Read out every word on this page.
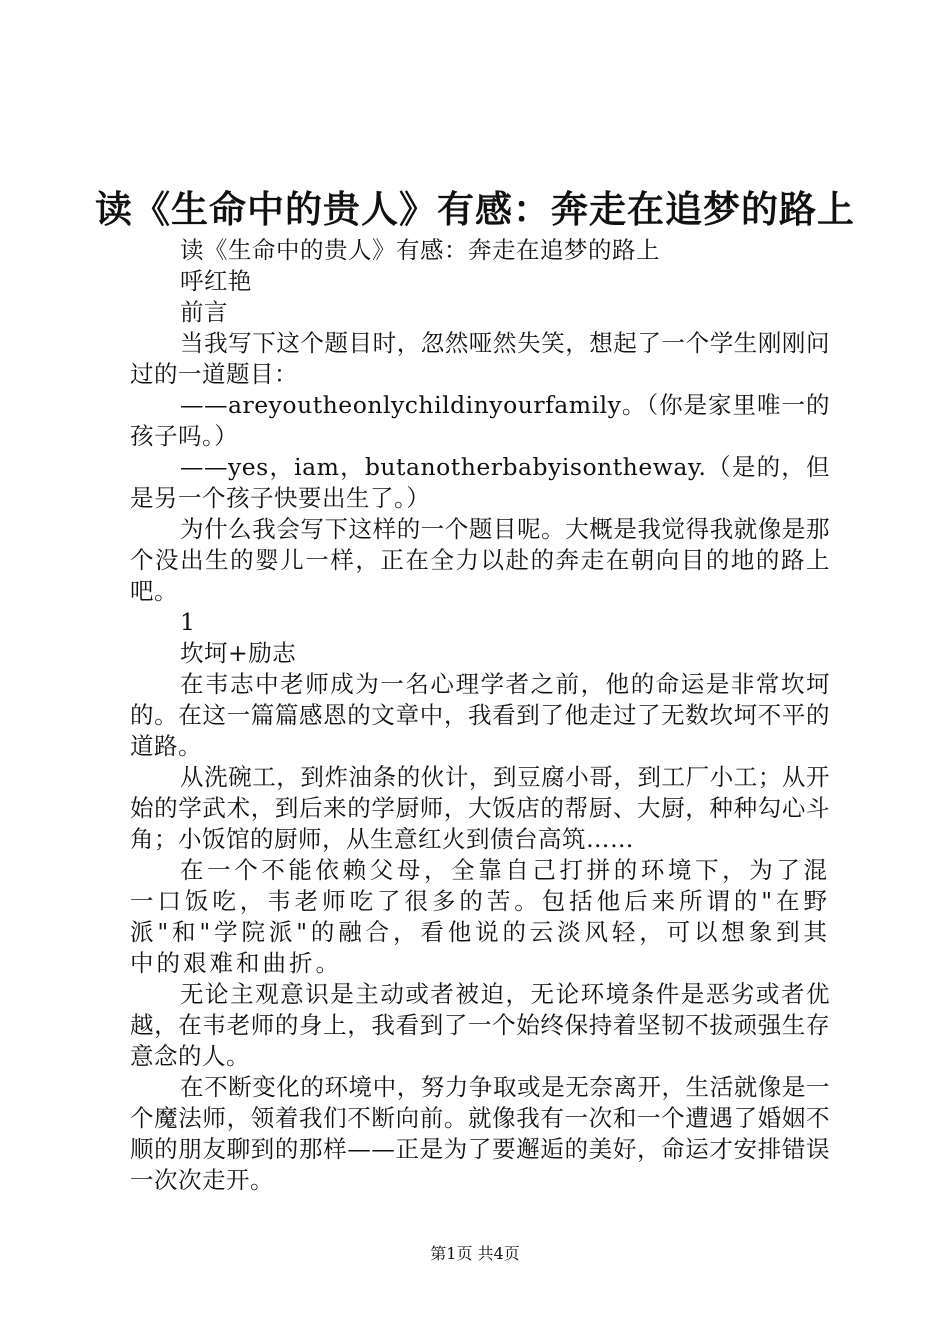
读《生命中的贵人》有感：奔走在追梦的路上

读《生命中的贵人》有感：奔走在追梦的路上

呼红艳

前言

当我写下这个题目时，忽然哑然失笑，想起了一个学生刚刚问过的一道题目：

——areyoutheonlychildinyourfamily。（你是家里唯一的孩子吗。）

——yes，iam，butanotherbabyisontheway.（是的，但是另一个孩子快要出生了。）

为什么我会写下这样的一个题目呢。大概是我觉得我就像是那个没出生的婴儿一样，正在全力以赴的奔走在朝向目的地的路上吧。

1

坎坷+励志

在韦志中老师成为一名心理学者之前，他的命运是非常坎坷的。在这一篇篇感恩的文章中，我看到了他走过了无数坎坷不平的道路。

从洗碗工，到炸油条的伙计，到豆腐小哥，到工厂小工；从开始的学武术，到后来的学厨师，大饭店的帮厨、大厨，种种勾心斗角；小饭馆的厨师，从生意红火到债台高筑……

在一个不能依赖父母，全靠自己打拼的环境下，为了混一口饭吃，韦老师吃了很多的苦。包括他后来所谓的"在野派"和"学院派"的融合，看他说的云淡风轻，可以想象到其中的艰难和曲折。

无论主观意识是主动或者被迫，无论环境条件是恶劣或者优越，在韦老师的身上，我看到了一个始终保持着坚韧不拔顽强生存意念的人。

在不断变化的环境中，努力争取或是无奈离开，生活就像是一个魔法师，领着我们不断向前。就像我有一次和一个遭遇了婚姻不顺的朋友聊到的那样——正是为了要邂逅的美好，命运才安排错误一次次走开。

第1页 共4页
